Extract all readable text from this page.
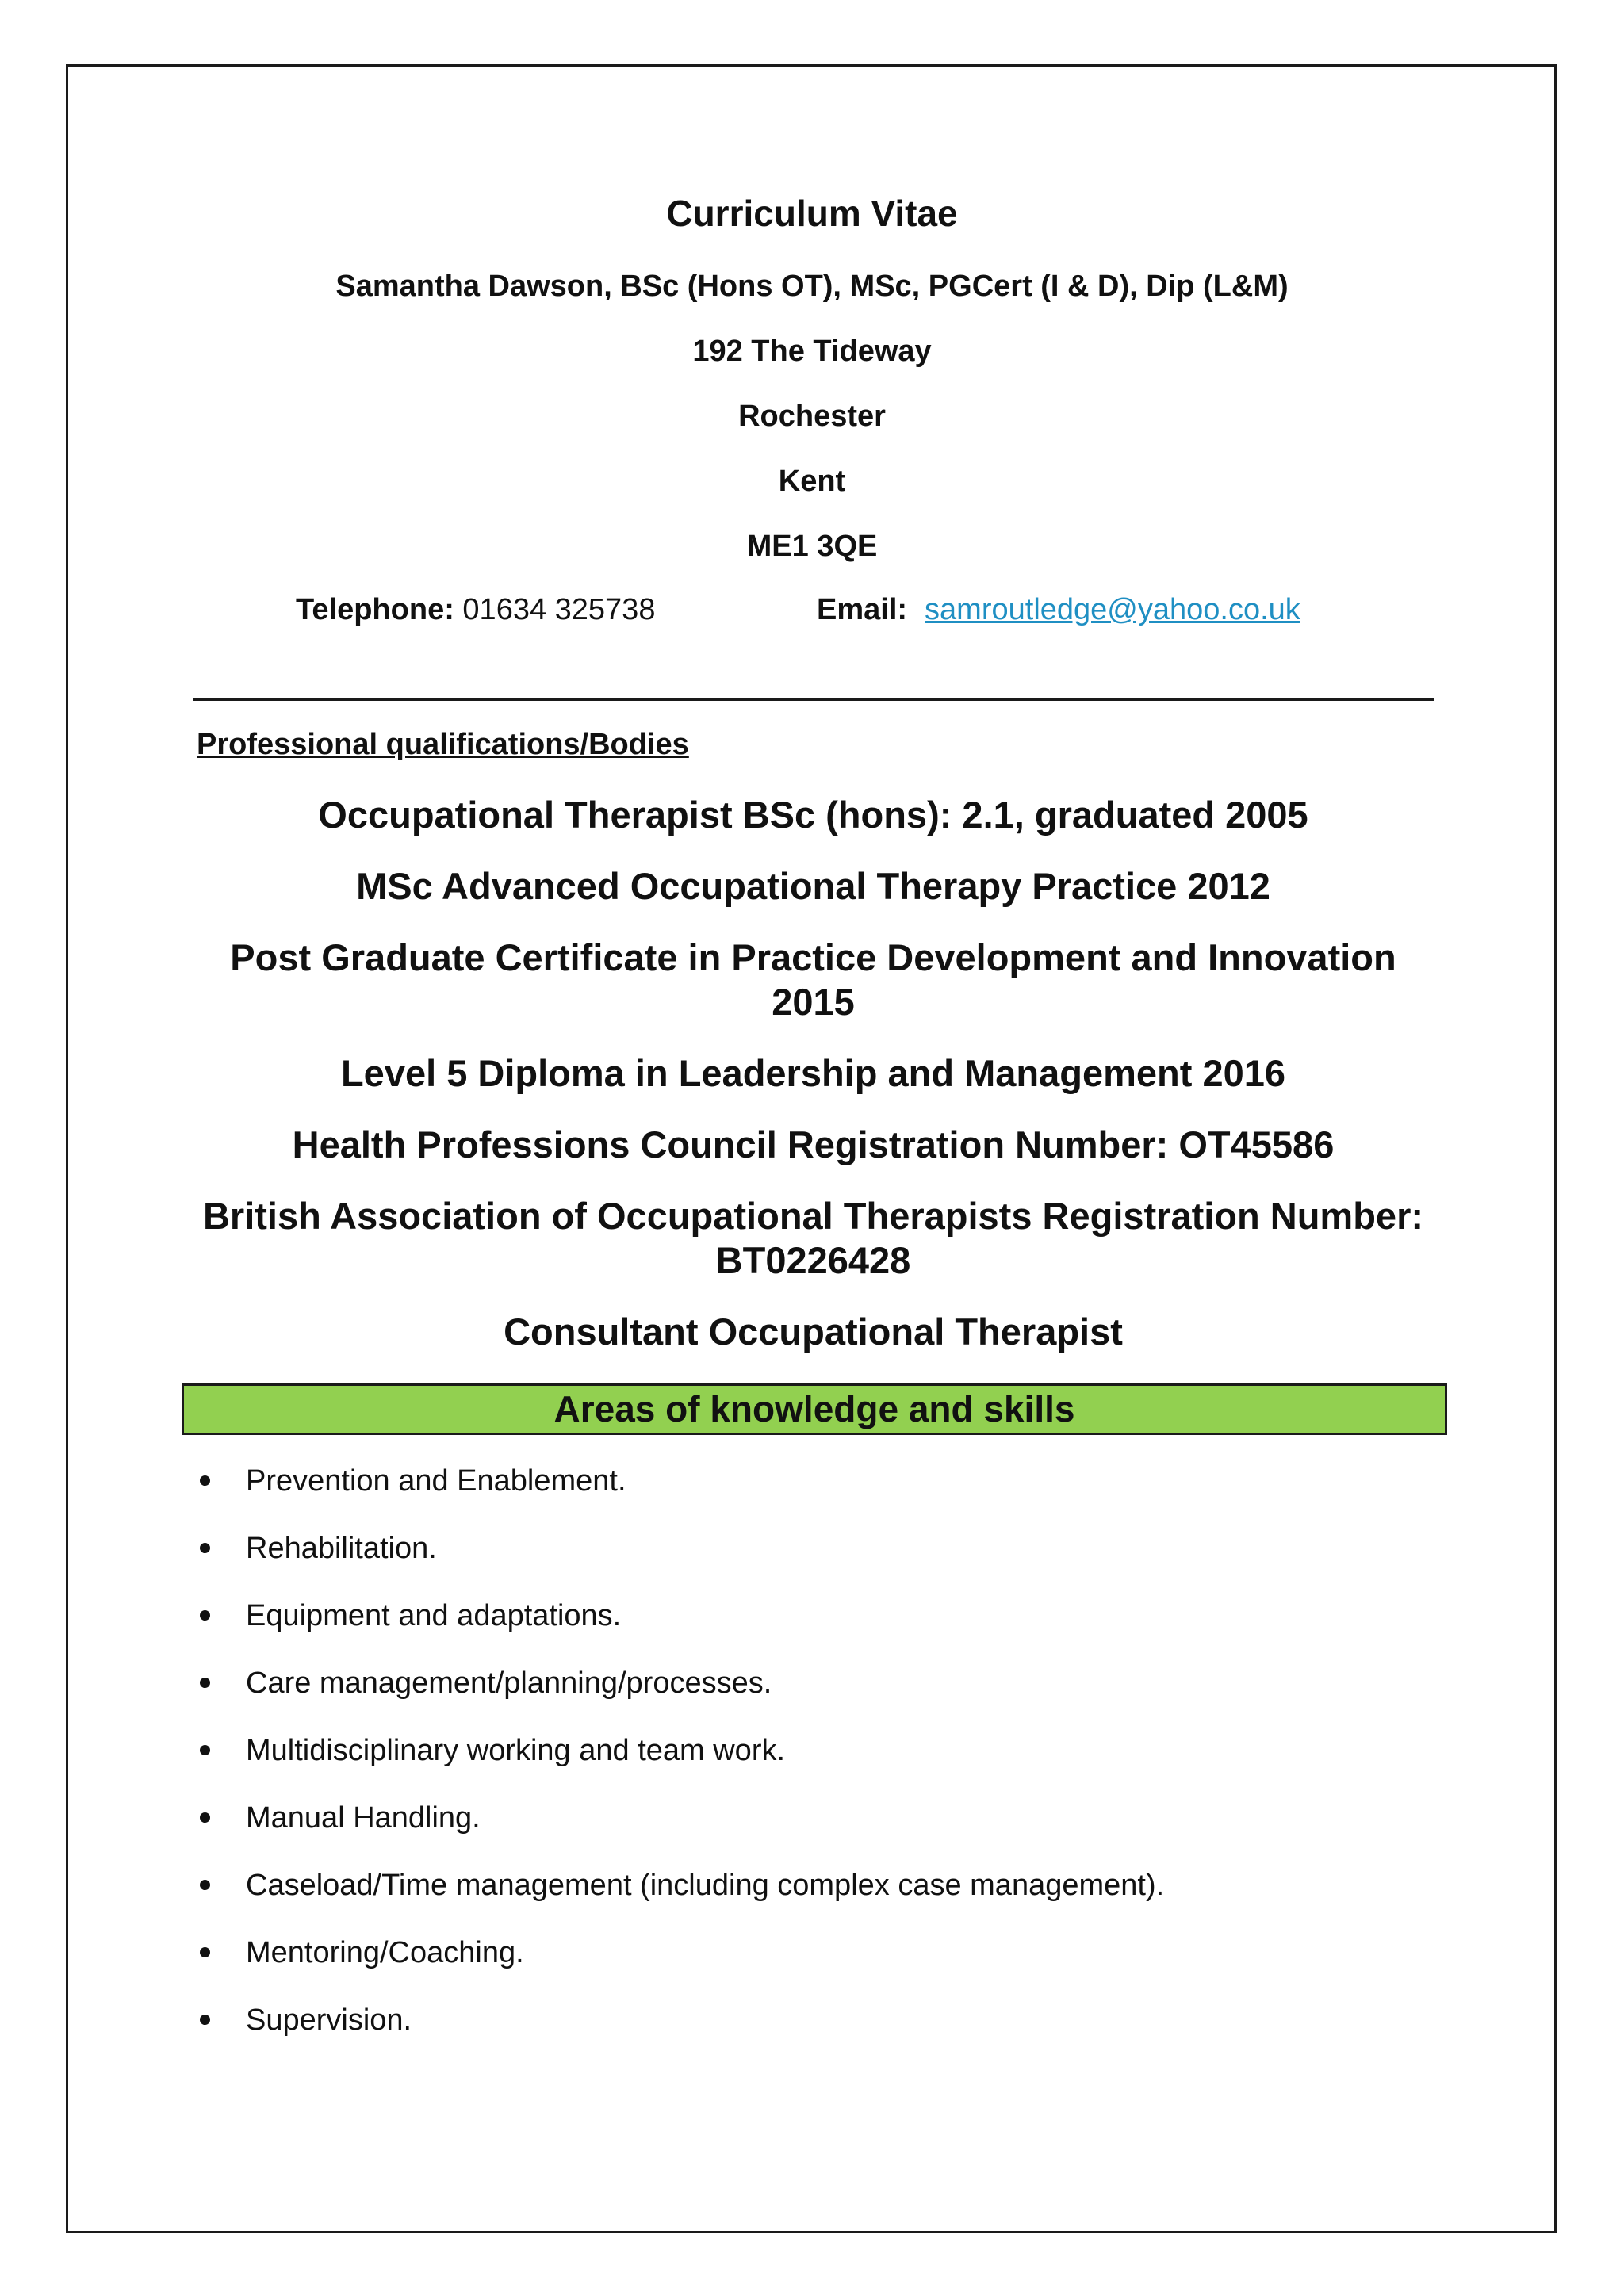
Curriculum Vitae
Samantha Dawson, BSc (Hons OT), MSc, PGCert (I & D), Dip (L&M)
192 The Tideway
Rochester
Kent
ME1 3QE
Telephone: 01634 325738	Email: samroutledge@yahoo.co.uk
Professional qualifications/Bodies
Occupational Therapist BSc (hons): 2.1, graduated 2005
MSc Advanced Occupational Therapy Practice 2012
Post Graduate Certificate in Practice Development and Innovation 2015
Level 5 Diploma in Leadership and Management 2016
Health Professions Council Registration Number: OT45586
British Association of Occupational Therapists Registration Number: BT0226428
Consultant Occupational Therapist
Areas of knowledge and skills
Prevention and Enablement.
Rehabilitation.
Equipment and adaptations.
Care management/planning/processes.
Multidisciplinary working and team work.
Manual Handling.
Caseload/Time management (including complex case management).
Mentoring/Coaching.
Supervision.
